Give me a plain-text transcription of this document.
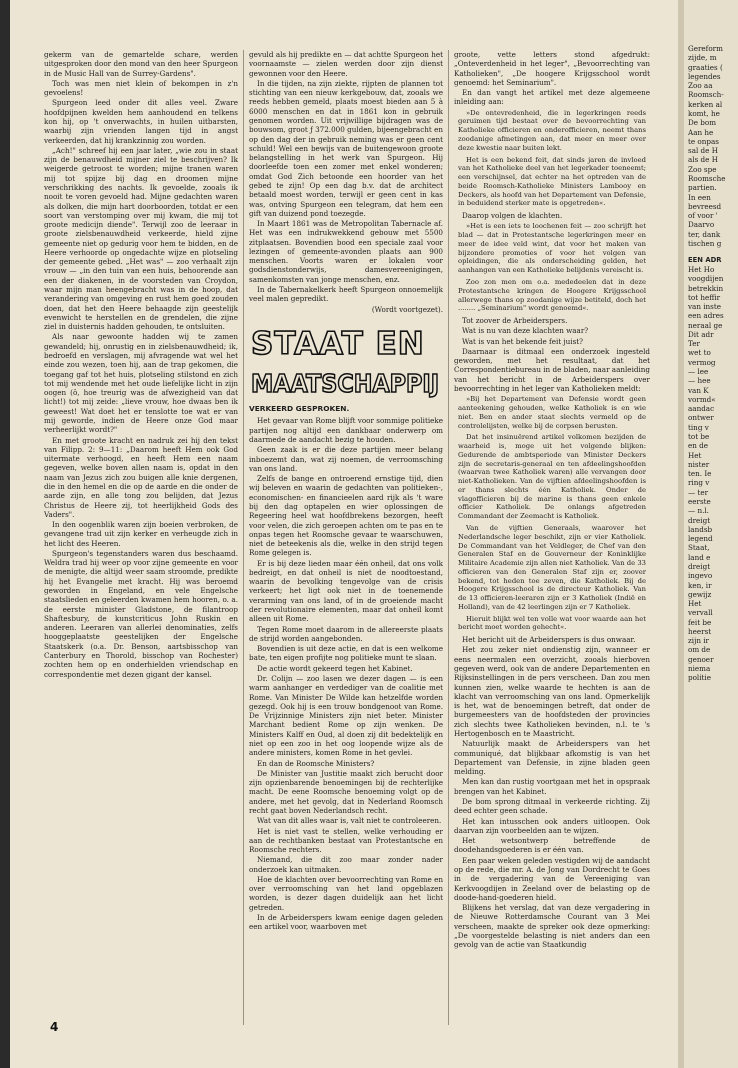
gekerm van de gemartelde schare, werden uitgesproken door den mond van den heer Spurgeon in de Music Hall van de Surrey-Gardens".

Toch was men niet klein of bekompen in z'n gevoelens!

Spurgeon leed onder dit alles veel. Zware hoofdpijnen kwelden hem aanhoudend en telkens kon hij, op 't onverwachts, in huilen uitbarsten, waarbij zijn vrienden langen tijd in angst verkeerden, dat hij krankzinnig zou worden.

„Ach!" schreef hij een jaar later, „wie zou in staat zijn de benauwdheid mijner ziel te beschrijven? Ik weigerde getroost te worden; mijne tranen waren mij tot spijze bij dag en droomen mijne verschrikking des nachts. Ik gevoelde, zooals ik nooit te voren gevoeld had. Mijne gedachten waren als dolken, die mijn hart doorboorden, totdat er een soort van verstomping over mij kwam, die mij tot groote medicijn diende". Terwijl zoo de leeraar in groote zielsbenauwdheid verkeerde, hield zijne gemeente niet op gedurig voor hem te bidden, en de Heere verhoorde op ongedachte wijze en plotseling der gemeente gebed. „Het was" — zoo verhaalt zijn vrouw — „in den tuin van een huis, behoorende aan een der diakenen, in de voorsteden van Croydon, waar mijn man heengebracht was in de hoop, dat verandering van omgeving en rust hem goed zouden doen, dat het den Heere behaagde zijn geestelijk evenwicht te herstellen en de grendelen, die zijne ziel in duisternis hadden gehouden, te ontsluiten.

Als naar gewoonte hadden wij te zamen gewandeld; hij, onrustig en in zielsbenauwdheid; ik, bedroefd en verslagen, mij afvragende wat wel het einde zou wezen, toen hij, aan de trap gekomen, die toegang gaf tot het huis, plotseling stilstond en zich tot mij wendende met het oude liefelijke licht in zijn oogen (ô, hoe treurig was de afwezigheid van dat licht!) tot mij zeide: „lieve vrouw, hoe dwaas ben ik geweest! Wat doet het er tenslotte toe wat er van mij geworde, indien de Heere onze God maar verheerlijkt wordt?"

En met groote kracht en nadruk zei hij den tekst van Filipp. 2: 9—11: „Daarom heeft Hem ook God uitermate verhoogd, en heeft Hem een naam gegeven, welke boven allen naam is, opdat in den naam van Jezus zich zou buigen alle knie dergenen, die in den hemel en die op de aarde en die onder de aarde zijn, en alle tong zou belijden, dat Jezus Christus de Heere zij, tot heerlijkheid Gods des Vaders".

In den oogenblik waren zijn boeien verbroken, de gevangene trad uit zijn kerker en verheugde zich in het licht des Heeren.

Spurgeon's tegenstanders waren dus beschaamd. Weldra trad hij weer op voor zijne gemeente en voor de menigte, die altijd weer saam stroomde, predikte hij het Evangelie met kracht. Hij was beroemd geworden in Engeland, en vele Engelsche staatslieden en geleerden kwamen hem hooren, o. a. de eerste minister Gladstone, de filantroop Shaftesbury, de kunstcriticus John Ruskin en anderen. Leeraren van allerlei denominaties, zelfs hooggeplaatste geestelijken der Engelsche Staatskerk (o.a. Dr. Benson, aartsbisschop van Canterbury en Thorold, bisschop van Rochester) zochten hem op en onderhielden vriendschap en correspondentie met dezen gigant der kansel.

gevuld als hij predikte en — dat achtte Spurgeon het voornaamste — zielen werden door zijn dienst gewonnen voor den Heere.

In die tijden, na zijn ziekte, rijpten de plannen tot stichting van een nieuw kerkgebouw, dat, zooals we reeds hebben gemeld, plaats moest bieden aan 5 à 6000 menschen en dat in 1861 kon in gebruik genomen worden. Uit vrijwillige bijdragen was de bouwsom, groot ƒ 372.000 gulden, bijeengebracht en op den dag der in gebruik neming was er geen cent schuld! Wel een bewijs van de buitengewoon groote belangstelling in het werk van Spurgeon. Hij doorleefde toen een zomer met enkel wonderen; omdat God Zich betoonde een hoorder van het gebed te zijn! Op een dag b.v. dat de architect betaald moest worden, terwijl er geen cent in kas was, ontving Spurgeon een telegram, dat hem een gift van duizend pond toezegde.

In Maart 1861 was de Metropolitan Tabernacle af. Het was een indrukwekkend gebouw met 5500 zitplaatsen. Bovendien bood een speciale zaal voor lezingen of gemeente-avonden plaats aan 900 menschen. Voorts waren er lokalen voor godsdienstonderwijs, damesvereenigingen, samenkomsten van jonge menschen, enz.

In de Tabernakelkerk heeft Spurgeon onnoemelijk veel malen gepredikt.

(Wordt voortgezet).

STAAT EN
MAATSCHAPPIJ
VERKEERD GESPROKEN.

Het gevaar van Rome blijft voor sommige politieke partijen nog altijd een dankbaar onderwerp om daarmede de aandacht bezig te houden.

Geen zaak is er die deze partijen meer belang inboezemt dan, wat zij noemen, de verroomsching van ons land.

Zelfs de bange en ontroerend ernstige tijd, dien wij beleven en waarin de gedachten van politieken-, economischen- en financieelen aard rijk als 't ware bij den dag optapelen en wier oplossingen de Regeering heel wat hoofdbrekens bezorgen, heeft voor velen, die zich geroepen achten om te pas en te onpas tegen het Roomsche gevaar te waarschuwen, niet de beteekenis als die, welke in den strijd tegen Rome gelegen is.

Er is bij deze lieden maar één onheil, dat ons volk bedreigt, en dat onheil is niet de noodtoestand, waarin de bevolking tengevolge van de crisis verkeert; het ligt ook niet in de toenemende verarming van ons land, of in de groeiende macht der revolutionaire elementen, maar dat onheil komt alleen uit Rome.

Tegen Rome moet daarom in de allereerste plaats de strijd worden aangebonden.

Bovendien is uit deze actie, en dat is een welkome bate, ten eigen profijte nog politieke munt te slaan.

De actie wordt gekeerd tegen het Kabinet.

Dr. Colijn — zoo lasen we dezer dagen — is een warm aanhanger en verdediger van de coalitie met Rome. Van Minister De Wilde kan hetzelfde worden gezegd. Ook hij is een trouw bondgenoot van Rome. De Vrijzinnige Ministers zijn niet beter. Minister Marchant bedient Rome op zijn wenken. De Ministers Kalff en Oud, al doen zij dit bedektelijk en niet op een zoo in het oog loopende wijze als de andere ministers, komen Rome in het gevlei.

En dan de Roomsche Ministers?

De Minister van Justitie maakt zich berucht door zijn opzienbarende benoemingen bij de rechterlijke macht. De eene Roomsche benoeming volgt op de andere, met het gevolg, dat in Nederland Roomsch recht gaat boven Nederlandsch recht.

Wat van dit alles waar is, valt niet te controleeren.

Het is niet vast te stellen, welke verhouding er aan de rechtbanken bestaat van Protestantsche en Roomsche rechters.

Niemand, die dit zoo maar zonder nader onderzoek kan uitmaken.

Hoe de klachten over bevoorrechting van Rome en over verroomsching van het land opgeblazen worden, is dezer dagen duidelijk aan het licht getreden.

In de Arbeiderspers kwam eenige dagen geleden een artikel voor, waarboven met

groote, vette letters stond afgedrukt: „Onteverdenheid in het leger", „Bevoorrechting van Katholieken", „De hoogere Krijgsschool wordt genoemd: het Seminarium".

En dan vangt het artikel met deze algemeene inleiding aan:

»De ontevredenheid, die in legerkringen reeds geruimen tijd bestaat over de bevoorrechting van Katholieke officieren en onderofficieren, neemt thans zoodanige afmetingen aan, dat meer en meer over deze kwestie naar buiten lekt.

Het is een bekend feit, dat sinds jaren de invloed van het Katholieke deel van het legerkader toeneemt; een verschijnsel, dat echter na het optreden van de beide Roomsch-Katholieke Ministers Lambooy en Deckers, als hoofd van het Departement van Defensie, in beduidend sterker mate is opgetreden«.

Daarop volgen de klachten.

»Het is een iets te loochenen feit — zoo schrijft het blad — dat in Protestantsche legerkringen meer en meer de idee veld wint, dat voor het maken van bijzondere promoties of voor het volgen van opleidingen, die als onderscheiding gelden, het aanhangen van een Katholieke belijdenis vereischt is.

Zoo zon men om o.a. mededeelen dat in deze Protestantsche kringen de Hoogere Krijgsschool allerwege thans op zoodanige wijze betiteld, doch het ........ „Seminarium" wordt genoemd«.

Tot zoover de Arbeiderspers.

Wat is nu van deze klachten waar?

Wat is van het bekende feit juist?

Daarnaar is ditmaal een onderzoek ingesteld geworden, met het resultaat, dat het Correspondentiebureau in de bladen, naar aanleiding van het bericht in de Arbeiderspers over bevoorrechting in het leger van Katholieken meldt:

»Bij het Departement van Defensie wordt geen aanteekening gehouden, welke Katholiek is en wie niet. Ben en ander staat slechts vermeld op de controlelijsten, welke bij de corpsen berusten.

Dat het insinuërend artikel volkomen bezijden de waarheid is, moge uit het volgende blijken: Gedurende de ambtsperiode van Minister Deckers zijn de secretaris-generaal en ten afdeelingshoofden (waarvan twee Katholiek waren) alle vervangen door niet-Katholieken. Van de vijftien afdeelingshoofden is er thans slechts één Katholiek. Onder de vlagofficieren bij de marine is thans geen enkele officier Katholiek. De onlangs afgetreden Commandant der Zeemacht is Katholiek.

Van de vijftien Generaals, waarover het Nederlandsche leger beschikt, zijn er vier Katholiek. De Commandant van het Veldleger, de Chef van den Generalen Staf en de Gouverneur der Koninklijke Militaire Academie zijn allen niet Katholiek. Van de 33 officieren van den Generalen Staf zijn er, zoover bekend, tot heden toe zeven, die Katholiek. Bij de Hoogere Krijgsschool is de directeur Katholiek. Van de 13 officieren-leeraren zijn er 3 Katholiek (Indië en Holland), van de 42 leerlingen zijn er 7 Katholiek.

Hieruit blijkt wel ten volle wat voor waarde aan het bericht moet worden gehecht«.

Het bericht uit de Arbeiderspers is dus onwaar.

Het zou zeker niet ondienstig zijn, wanneer er eens neermalen een overzicht, zooals hierboven gegeven werd, ook van de andere Departementen en Rijksinstellingen in de pers verscheen. Dan zou men kunnen zien, welke waarde te hechten is aan de klacht van verroomsching van ons land. Opmerkelijk is het, wat de benoemingen betreft, dat onder de burgemeesters van de hoofdsteden der provincies zich slechts twee Katholieken bevinden, n.l. te 's Hertogenbosch en te Maastricht.

Natuurlijk maakt de Arbeiderspers van het communiqué, dat blijkbaar afkomstig is van het Departement van Defensie, in zijne bladen geen melding.

Men kan dan rustig voortgaan met het in opspraak brengen van het Kabinet.

De bom sprong ditmaal in verkeerde richting. Zij deed echter geen schade.

Het kan intusschen ook anders uitloopen. Ook daarvan zijn voorbeelden aan te wijzen.

Het wetsontwerp betreffende de doodehandsgoederen is er één van.

Een paar weken geleden vestigden wij de aandacht op de rede, die mr. A. de Jong van Dordrecht te Goes in de vergadering van de Vereeniging van Kerkvoogdijen in Zeeland over de belasting op de doode-hand-goederen hield.

Blijkens het verslag, dat van deze vergadering in de Nieuwe Rotterdamsche Courant van 3 Mei verscheen, maakte de spreker ook deze opmerking: „De voorgestelde belasting is niet anders dan een gevolg van de actie van Staatkundig

4
Gereform
zijde, m
graaties (
legendes
Zoo aa
Roomsch-
kerken al
komt, he
De bom
Aan he
te onpas
sal de H
als de H
Zoo spe
Roomsche
partien.
In een
bevreesd
of voor '
Daarvo
ter, dank
tischen g
EEN ADR
Het Ho
voogdijen
betrekkin
tot heffir
van inste
een adres
neraal ge
Dit adr
Ter
wet to
vermog
— lee
— hee
van K
vormd«
aandac
ontwer
ting v
tot be
en de
Het
nister
ten. Ie
ring v
— ter
eerste
— n.l.
dreigt
landsb
legend
Staat,
land e
dreigt
ingevo
ken, ir
gewijz
Het
vervall
feit be
heerst
zijn ir
om de
genoer
niema
politie
